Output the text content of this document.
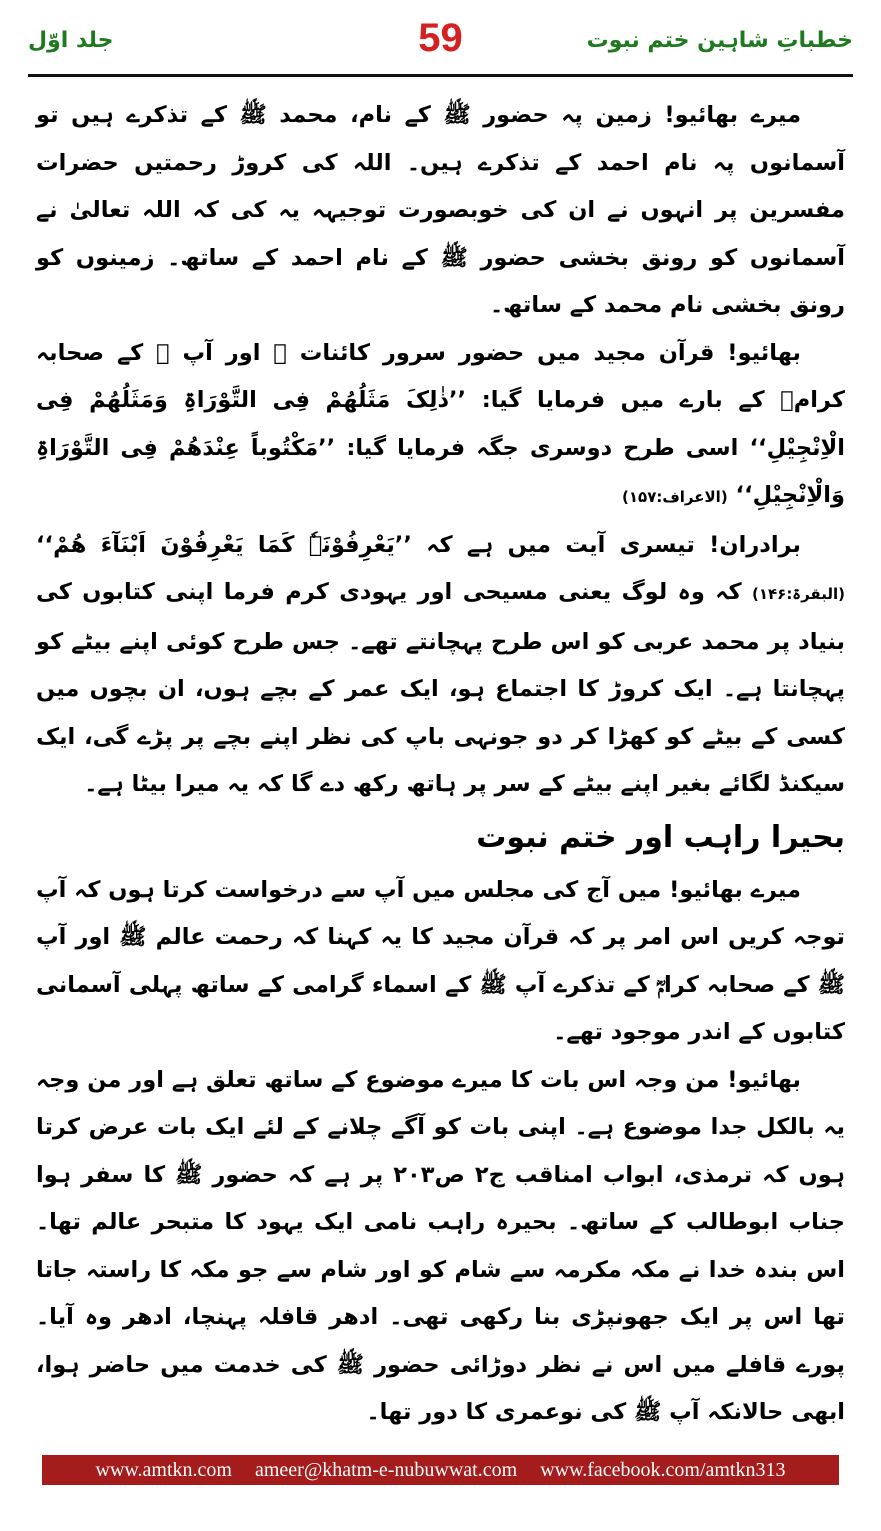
جلد اوّل	59	خطباتِ شاہین ختم نبوت

میرے بھائیو! زمین پہ حضور ﷺ کے نام، محمد ﷺ کے تذکرے ہیں تو آسمانوں پہ نام احمد کے تذکرے ہیں۔ اللہ کی کروڑ رحمتیں حضرات مفسرین پر انہوں نے ان کی خوبصورت توجیہہ یہ کی کہ اللہ تعالیٰ نے آسمانوں کو رونق بخشی حضور ﷺ کے نام احمد کے ساتھ۔ زمینوں کو رونق بخشی نام محمد کے ساتھ۔

بھائیو! قرآن مجید میں حضور سرور کائنات ﷺ اور آپ ﷺ کے صحابہ کرامؓ کے بارے میں فرمایا گیا: ’’ذٰلِکَ مَثَلُھُمْ فِی التَّوْرَاۃِ وَمَثَلُھُمْ فِی الْاِنْجِیْلِ‘‘ اسی طرح دوسری جگہ فرمایا گیا: ’’مَکْتُوباً عِنْدَھُمْ فِی التَّوْرَاۃِ وَالْاِنْجِیْلِ‘‘ (الاعراف:۱۵۷)

برادران! تیسری آیت میں ہے کہ ’’یَعْرِفُوْنَہٗ کَمَا یَعْرِفُوْنَ اَبْنَآءَ ھُمْ‘‘ (البقرۃ:۱۴۶) کہ وہ لوگ یعنی مسیحی اور یہودی کرم فرما اپنی کتابوں کی بنیاد پر محمد عربی کو اس طرح پہچانتے تھے۔ جس طرح کوئی اپنے بیٹے کو پہچانتا ہے۔ ایک کروڑ کا اجتماع ہو، ایک عمر کے بچے ہوں، ان بچوں میں کسی کے بیٹے کو کھڑا کر دو جونہی باپ کی نظر اپنے بچے پر پڑے گی، ایک سیکنڈ لگائے بغیر اپنے بیٹے کے سر پر ہاتھ رکھ دے گا کہ یہ میرا بیٹا ہے۔

بحیرا راہب اور ختم نبوت

میرے بھائیو! میں آج کی مجلس میں آپ سے درخواست کرتا ہوں کہ آپ توجہ کریں اس امر پر کہ قرآن مجید کا یہ کہنا کہ رحمت عالم ﷺ اور آپ ﷺ کے صحابہ کرامؓ کے تذکرے آپ ﷺ کے اسماء گرامی کے ساتھ پہلی آسمانی کتابوں کے اندر موجود تھے۔

بھائیو! من وجہ اس بات کا میرے موضوع کے ساتھ تعلق ہے اور من وجہ یہ بالکل جدا موضوع ہے۔ اپنی بات کو آگے چلانے کے لئے ایک بات عرض کرتا ہوں کہ ترمذی، ابواب امناقب ج۲ ص۲۰۳ پر ہے کہ حضور ﷺ کا سفر ہوا جناب ابوطالب کے ساتھ۔ بحیرہ راہب نامی ایک یہود کا متبحر عالم تھا۔ اس بندہ خدا نے مکہ مکرمہ سے شام کو اور شام سے جو مکہ کا راستہ جاتا تھا اس پر ایک جھونپڑی بنا رکھی تھی۔ ادھر قافلہ پہنچا، ادھر وہ آیا۔ پورے قافلے میں اس نے نظر دوڑائی حضور ﷺ کی خدمت میں حاضر ہوا، ابھی حالانکہ آپ ﷺ کی نوعمری کا دور تھا۔

www.amtkn.com ameer@khatm-e-nubuwwat.com www.facebook.com/amtkn313
